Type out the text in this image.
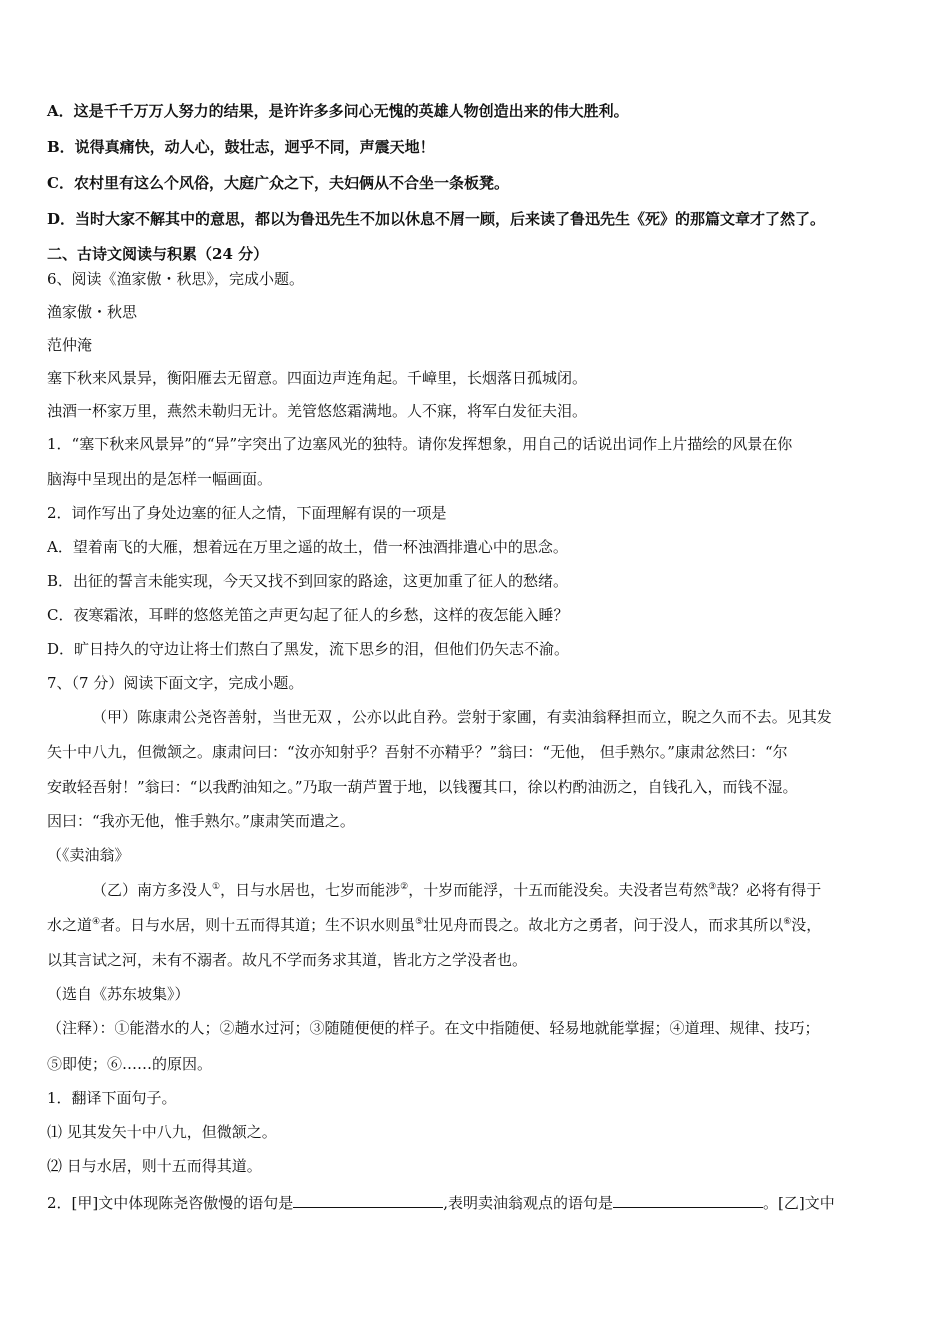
A．这是千千万万人努力的结果，是许许多多问心无愧的英雄人物创造出来的伟大胜利。
B．说得真痛快，动人心，鼓壮志，迥乎不同，声震天地！
C．农村里有这么个风俗，大庭广众之下，夫妇俩从不合坐一条板凳。
D．当时大家不解其中的意思，都以为鲁迅先生不加以休息不屑一顾，后来读了鲁迅先生《死》的那篇文章才了然了。
二、古诗文阅读与积累（24 分）
6、阅读《渔家傲・秋思》，完成小题。
渔家傲・秋思
范仲淹
塞下秋来风景异，衡阳雁去无留意。四面边声连角起。千嶂里，长烟落日孤城闭。
浊酒一杯家万里，燕然未勒归无计。羌管悠悠霜满地。人不寐，将军白发征夫泪。
1．“塞下秋来风景异”的“异”字突出了边塞风光的独特。请你发挥想象，用自己的话说出词作上片描绘的风景在你
脑海中呈现出的是怎样一幅画面。
2．词作写出了身处边塞的征人之情，下面理解有误的一项是
A．望着南飞的大雁，想着远在万里之遥的故土，借一杯浊酒排遣心中的思念。
B．出征的誓言未能实现，今天又找不到回家的路途，这更加重了征人的愁绪。
C．夜寒霜浓，耳畔的悠悠羌笛之声更勾起了征人的乡愁，这样的夜怎能入睡？
D．旷日持久的守边让将士们熬白了黑发，流下思乡的泪，但他们仍矢志不渝。
7、（7 分）阅读下面文字，完成小题。
（甲）陈康肃公尧咨善射，当世无双 ，公亦以此自矜。尝射于家圃，有卖油翁释担而立，睨之久而不去。见其发
矢十中八九，但微颔之。康肃问曰：“汝亦知射乎？吾射不亦精乎？”翁曰：“无他， 但手熟尔。”康肃忿然曰：“尔
安敢轻吾射！”翁曰：“以我酌油知之。”乃取一葫芦置于地，以钱覆其口，徐以杓酌油沥之，自钱孔入，而钱不湿。
因曰：“我亦无他，惟手熟尔。”康肃笑而遣之。
（《卖油翁》
（乙）南方多没人①，日与水居也，七岁而能涉②，十岁而能浮，十五而能没矣。夫没者岂苟然③哉？必将有得于
水之道④者。日与水居，则十五而得其道；生不识水则虽⑤壮见舟而畏之。故北方之勇者，问于没人，而求其所以⑥没，
以其言试之河，未有不溺者。故凡不学而务求其道，皆北方之学没者也。
（选自《苏东坡集》）
（注释）：①能潜水的人；②趟水过河；③随随便便的样子。在文中指随便、轻易地就能掌握；④道理、规律、技巧；
⑤即使；⑥……的原因。
1．翻译下面句子。
⑴ 见其发矢十中八九，但微颔之。
⑵ 日与水居，则十五而得其道。
2．[甲]文中体现陈尧咨傲慢的语句是	,表明卖油翁观点的语句是	。[乙]文中
